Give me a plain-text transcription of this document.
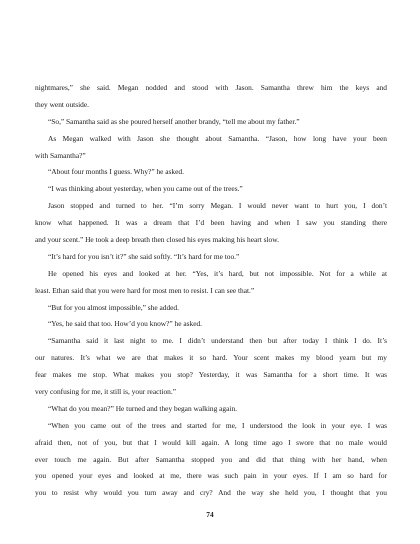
nightmares,” she said. Megan nodded and stood with Jason. Samantha threw him the keys and
they went outside.
“So,” Samantha said as she poured herself another brandy, “tell me about my father.”
As Megan walked with Jason she thought about Samantha. “Jason, how long have your been
with Samantha?”
“About four months I guess. Why?” he asked.
“I was thinking about yesterday, when you came out of the trees.”
Jason stopped and turned to her. “I’m sorry Megan. I would never want to hurt you, I don’t
know what happened. It was a dream that I’d been having and when I saw you standing there
and your scent.” He took a deep breath then closed his eyes making his heart slow.
“It’s hard for you isn’t it?” she said softly. “It’s hard for me too.”
He opened his eyes and looked at her. “Yes, it’s hard, but not impossible. Not for a while at
least. Ethan said that you were hard for most men to resist. I can see that.”
“But for you almost impossible,” she added.
“Yes, he said that too. How’d you know?” he asked.
“Samantha said it last night to me. I didn’t understand then but after today I think I do. It’s
our natures. It’s what we are that makes it so hard. Your scent makes my blood yearn but my
fear makes me stop. What makes you stop? Yesterday, it was Samantha for a short time. It was
very confusing for me, it still is, your reaction.”
“What do you mean?” He turned and they began walking again.
“When you came out of the trees and started for me, I understood the look in your eye. I was
afraid then, not of you, but that I would kill again. A long time ago I swore that no male would
ever touch me again. But after Samantha stopped you and did that thing with her hand, when
you opened your eyes and looked at me, there was such pain in your eyes. If I am so hard for
you to resist why would you turn away and cry? And the way she held you, I thought that you
74
